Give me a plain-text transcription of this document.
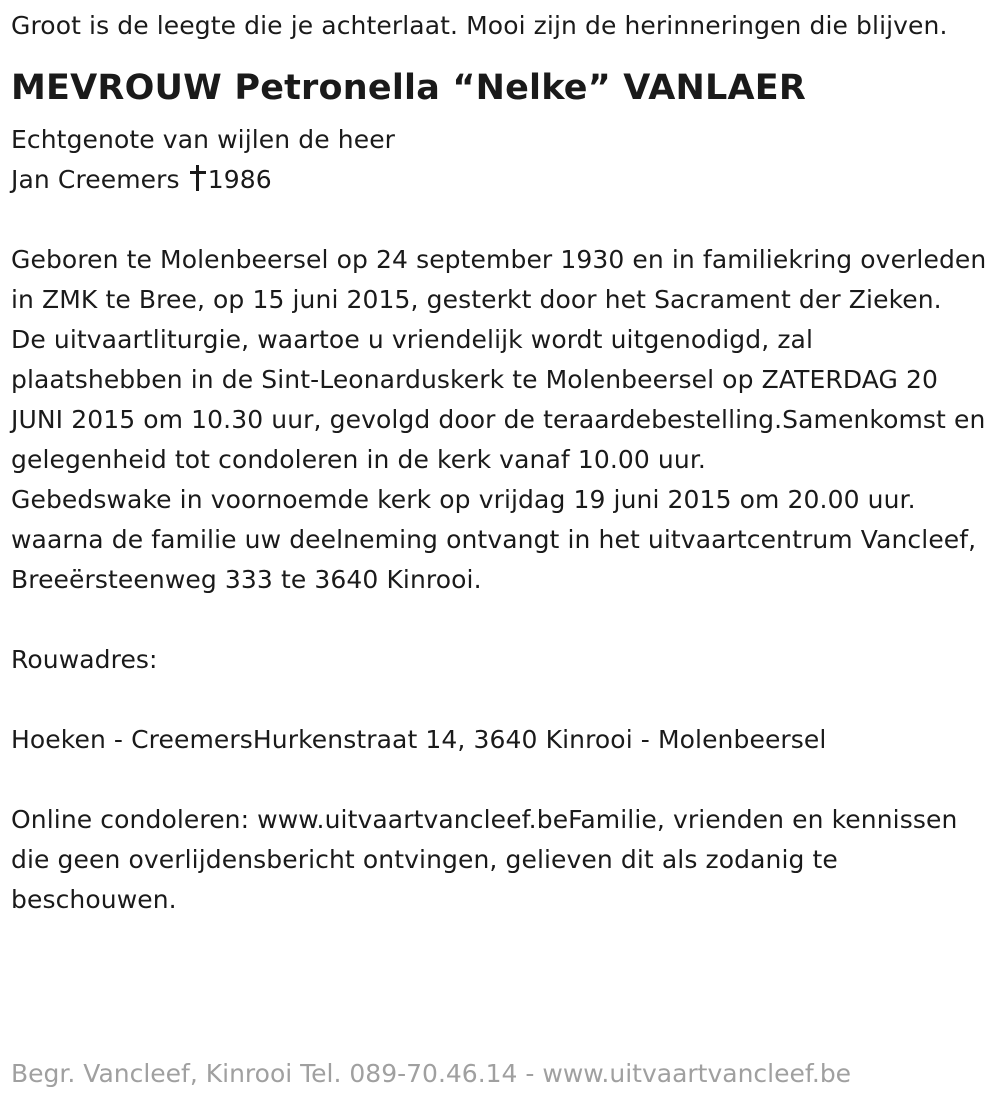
Groot is de leegte die je achterlaat. Mooi zijn de herinneringen die blijven.

MEVROUW Petronella “Nelke” VANLAER

Echtgenote van wijlen de heer

Jan Creemers 1986

Geboren te Molenbeersel op 24 september 1930 en in familiekring overleden in ZMK te Bree, op 15 juni 2015, gesterkt door het Sacrament der Zieken.

De uitvaartliturgie, waartoe u vriendelijk wordt uitgenodigd, zal plaatshebben in de Sint-Leonarduskerk te Molenbeersel op ZATERDAG 20 JUNI 2015 om 10.30 uur, gevolgd door de teraardebestelling.Samenkomst en gelegenheid tot condoleren in de kerk vanaf 10.00 uur.

Gebedswake in voornoemde kerk op vrijdag 19 juni 2015 om 20.00 uur. waarna de familie uw deelneming ontvangt in het uitvaartcentrum Vancleef, Breeërsteenweg 333 te 3640 Kinrooi.

Rouwadres:

Hoeken - CreemersHurkenstraat 14, 3640 Kinrooi - Molenbeersel

Online condoleren: www.uitvaartvancleef.beFamilie, vrienden en kennissen die geen overlijdensbericht ontvingen, gelieven dit als zodanig te beschouwen.

Begr. Vancleef, Kinrooi Tel. 089-70.46.14 - www.uitvaartvancleef.be
